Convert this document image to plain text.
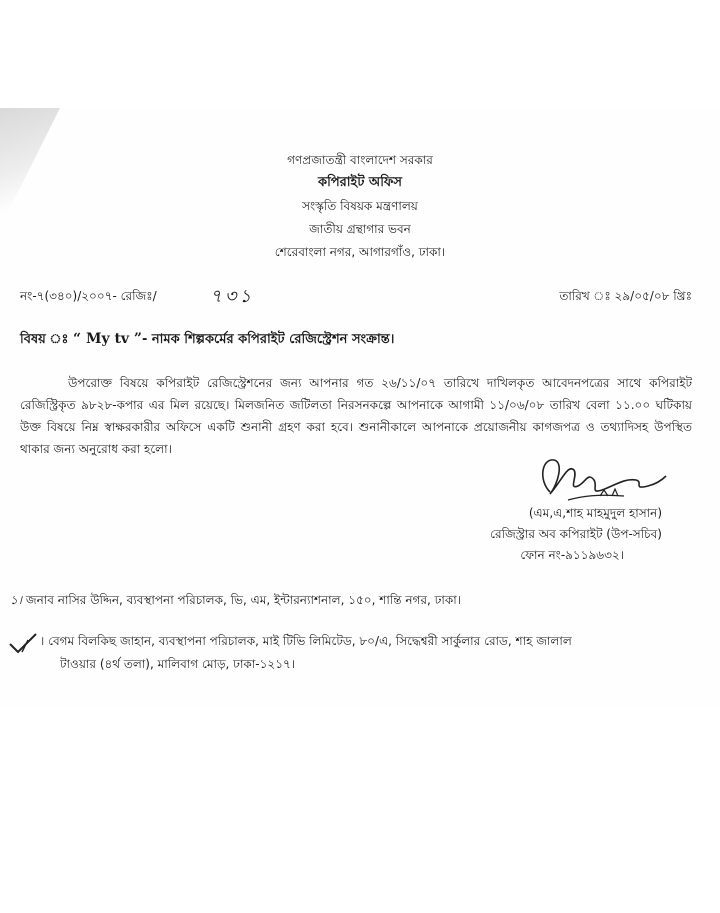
গণপ্রজাতন্ত্রী বাংলাদেশ সরকার
কপিরাইট অফিস
সংস্কৃতি বিষয়ক মন্ত্রণালয়
জাতীয় গ্রন্থাগার ভবন
শেরেবাংলা নগর, আগারগাঁও, ঢাকা।
নং-৭(৩৪০)/২০০৭- রেজিঃ/	৭৩১	তারিখ ঃ ২৯/০৫/০৮ খ্রিঃ
বিষয় ঃ “ My tv ”- নামক শিল্পকর্মের কপিরাইট রেজিস্ট্রেশন সংক্রান্ত।
উপরোক্ত বিষয়ে কপিরাইট রেজিস্ট্রেশনের জন্য আপনার গত ২৬/১১/০৭ তারিখে দাখিলকৃত আবেদনপত্রের সাথে কপিরাইট রেজিস্ট্রিকৃত ৯৮২৮-কপার এর মিল রয়েছে। মিলজনিত জটিলতা নিরসনকল্পে আপনাকে আগামী ১১/০৬/০৮ তারিখ বেলা ১১.০০ ঘটিকায় উক্ত বিষয়ে নিম্ন স্বাক্ষরকারীর অফিসে একটি শুনানী গ্রহণ করা হবে। শুনানীকালে আপনাকে প্রয়োজনীয় কাগজপত্র ও তথ্যাদিসহ উপস্থিত থাকার জন্য অনুরোধ করা হলো।
(এম,এ,শাহ মাহমুদুল হাসান)
রেজিস্ট্রার অব কপিরাইট (উপ-সচিব)
ফোন নং-৯১১৯৬৩২।
১। জনাব নাসির উদ্দিন, ব্যবস্থাপনা পরিচালক, ভি, এম, ইন্টারন্যাশনাল, ১৫০, শান্তি নগর, ঢাকা।
। বেগম বিলকিছ জাহান, ব্যবস্থাপনা পরিচালক, মাই টিভি লিমিটেড, ৮০/এ, সিদ্ধেশ্বরী সার্কুলার রোড, শাহ জালাল
টাওয়ার (৪র্থ তলা), মালিবাগ মোড়, ঢাকা-১২১৭।
